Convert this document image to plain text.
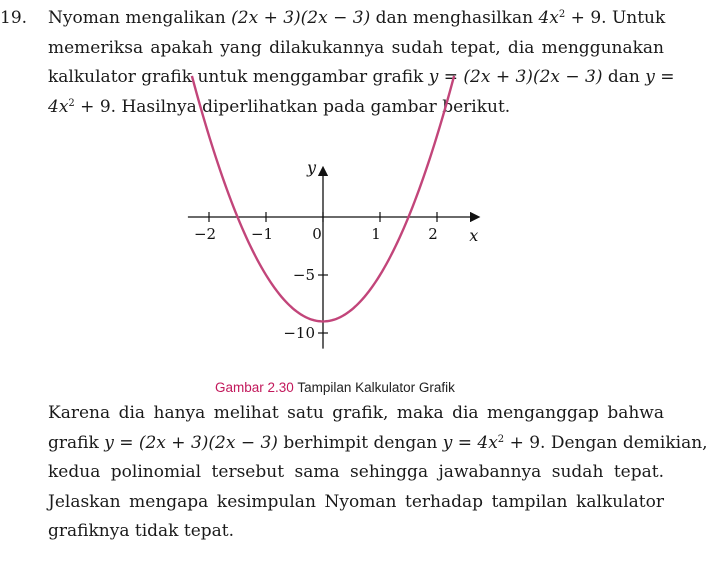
19.	Nyoman mengalikan (2x + 3)(2x − 3) dan menghasilkan $4x^2 + 9$. Untuk
memeriksa apakah yang dilakukannya sudah tepat, dia menggunakan
kalkulator grafik untuk menggambar grafik y = (2x + 3)(2x − 3) dan y =
$4x^2 + 9$. Hasilnya diperlihatkan pada gambar berikut.
−2 −1	0	1	2
−5
−10
x
y
Gambar 2.30 Tampilan Kalkulator Grafik
Karena dia hanya melihat satu grafik, maka dia menganggap bahwa
grafik y = (2x + 3)(2x − 3) berhimpit dengan $y = 4x^2 + 9$. Dengan demikian,
kedua polinomial tersebut sama sehingga jawabannya sudah tepat.
Jelaskan mengapa kesimpulan Nyoman terhadap tampilan kalkulator
grafiknya tidak tepat.
